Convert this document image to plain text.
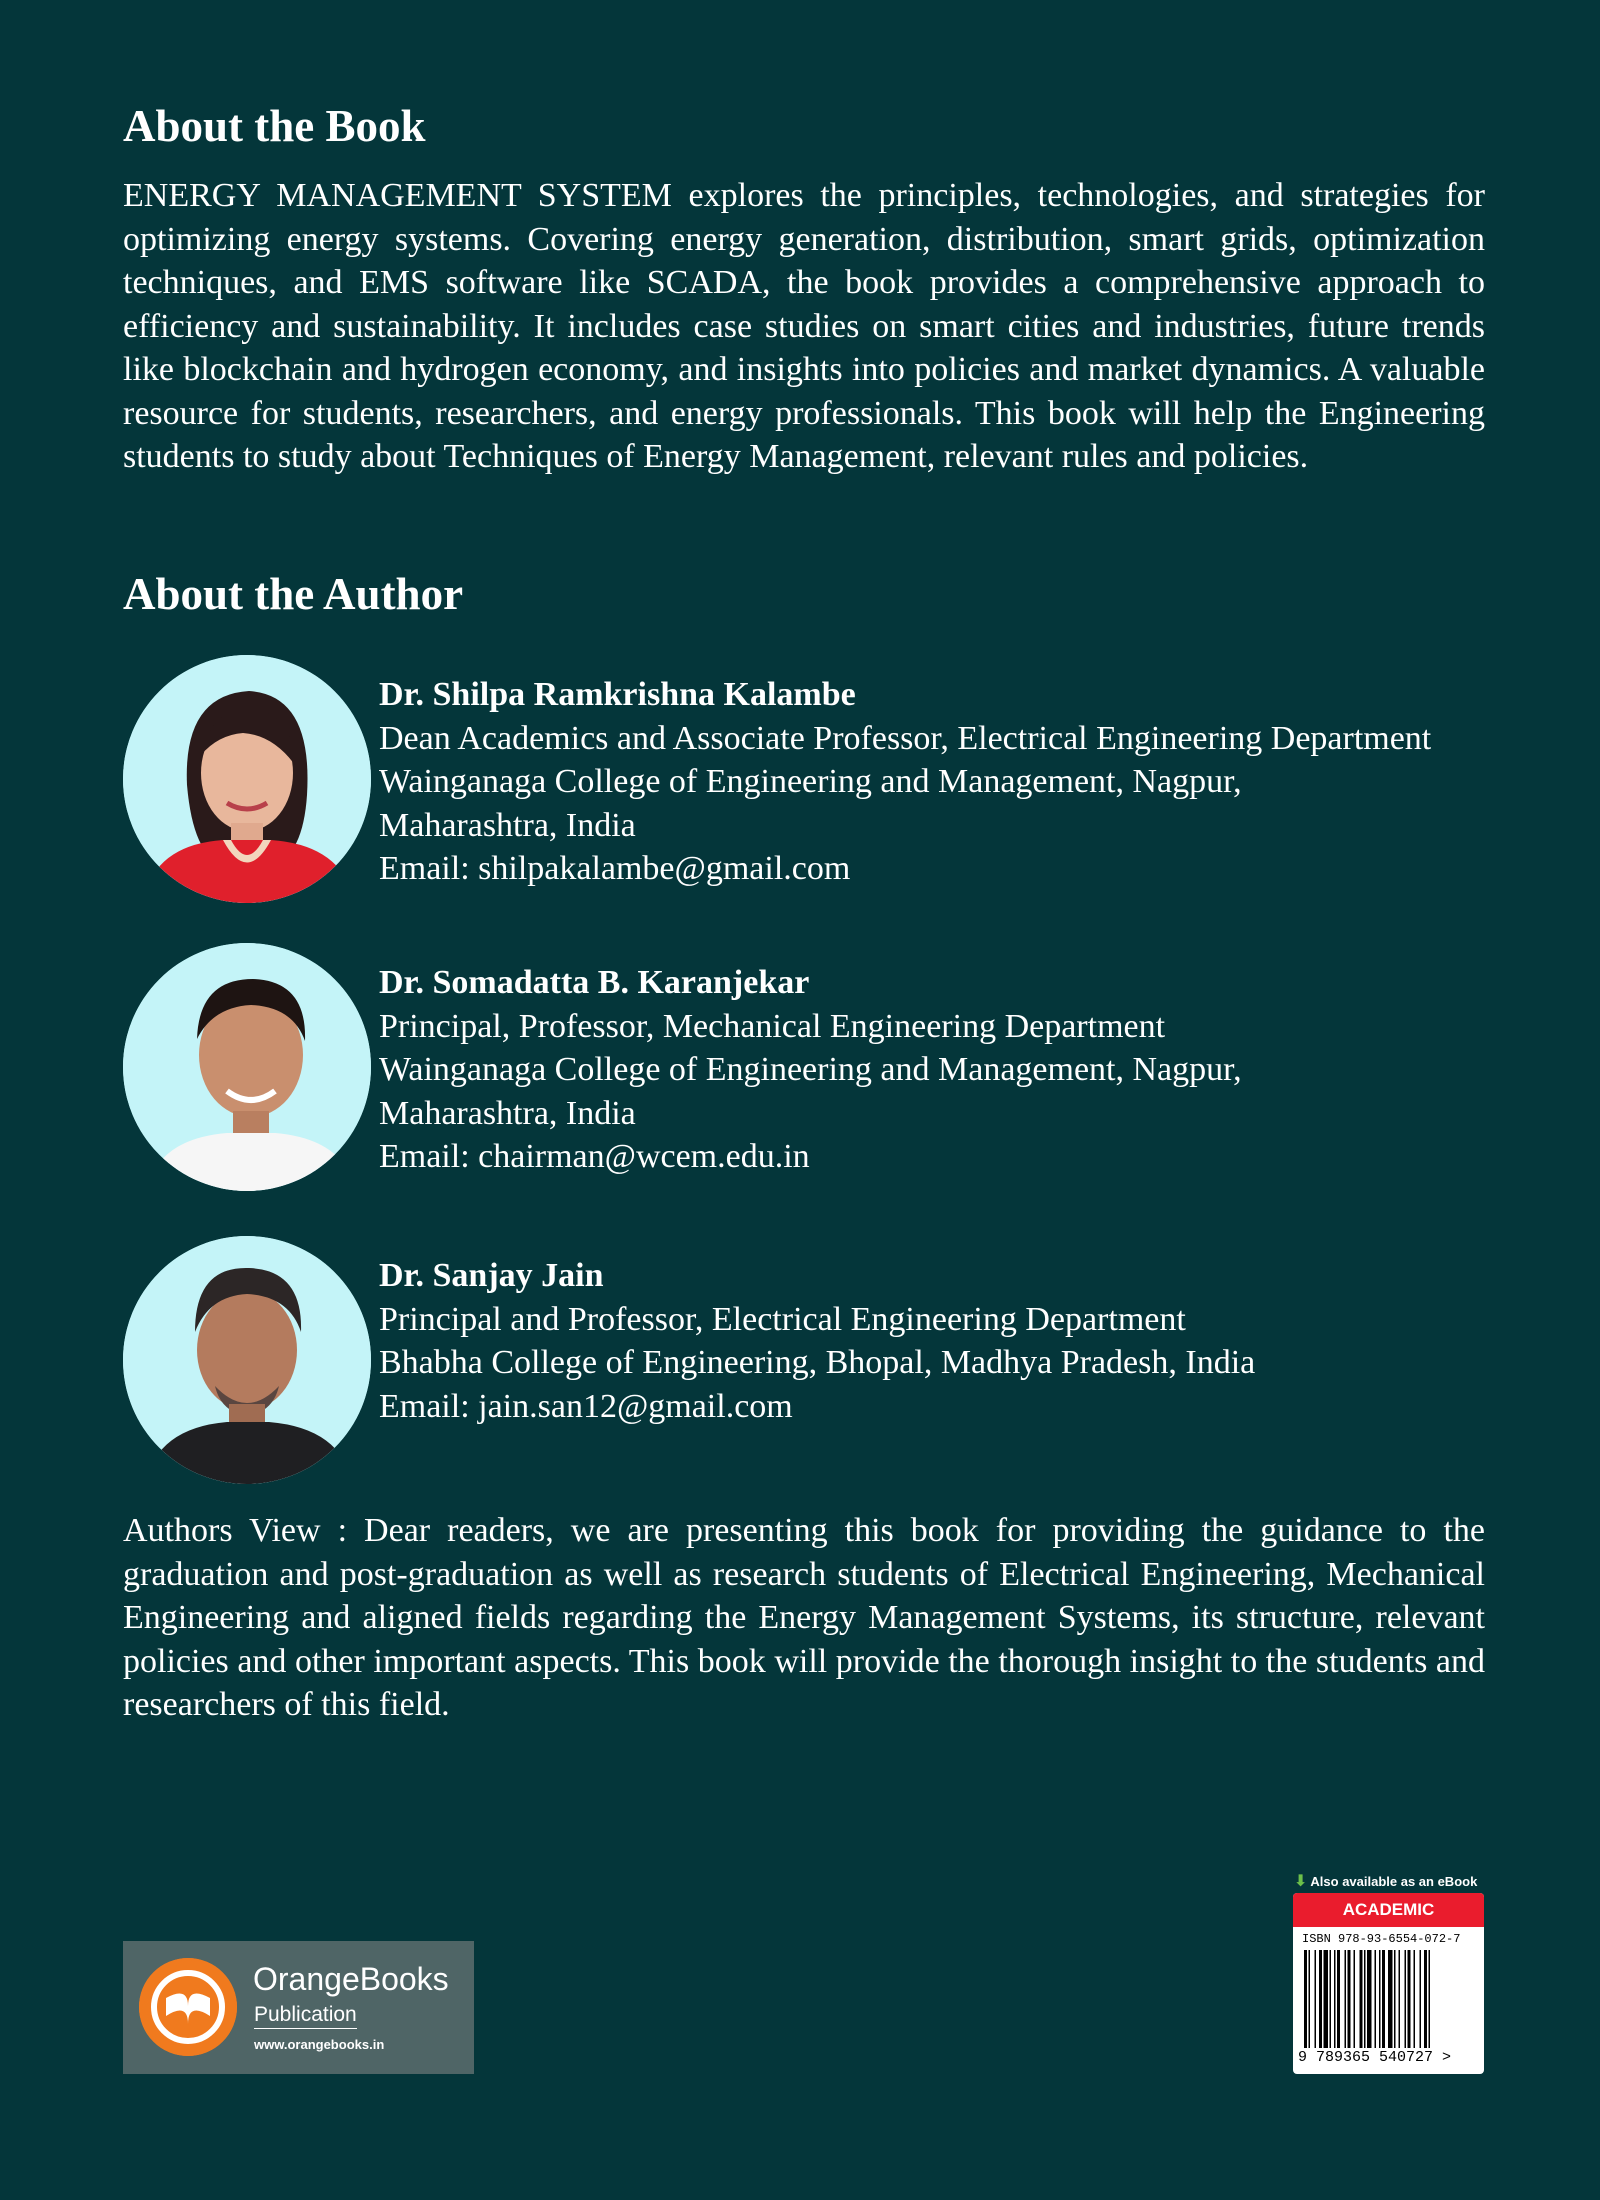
About the Book

ENERGY MANAGEMENT SYSTEM explores the principles, technologies, and strategies for optimizing energy systems. Covering energy generation, distribution, smart grids, optimization techniques, and EMS software like SCADA, the book provides a comprehensive approach to efficiency and sustainability. It includes case studies on smart cities and industries, future trends like blockchain and hydrogen economy, and insights into policies and market dynamics. A valuable resource for students, researchers, and energy professionals. This book will help the Engineering students to study about Techniques of Energy Management, relevant rules and policies.

About the Author
Dr. Shilpa Ramkrishna Kalambe
Dean Academics and Associate Professor, Electrical Engineering Department
Wainganaga College of Engineering and Management, Nagpur,
Maharashtra, India
Email: shilpakalambe@gmail.com
Dr. Somadatta B. Karanjekar
Principal, Professor, Mechanical Engineering Department
Wainganaga College of Engineering and Management, Nagpur,
Maharashtra, India
Email: chairman@wcem.edu.in
Dr. Sanjay Jain
Principal and Professor, Electrical Engineering Department
Bhabha College of Engineering, Bhopal, Madhya Pradesh, India
Email: jain.san12@gmail.com

Authors View : Dear readers, we are presenting this book for providing the guidance to the graduation and post-graduation as well as research students of Electrical Engineering, Mechanical Engineering and aligned fields regarding the Energy Management Systems, its structure, relevant policies and other important aspects. This book will provide the thorough insight to the students and researchers of this field.

OrangeBooks
Publication
www.orangebooks.in
⬇ Also available as an eBook
ACADEMIC
ISBN 978-93-6554-072-7
9 789365 540727 >
